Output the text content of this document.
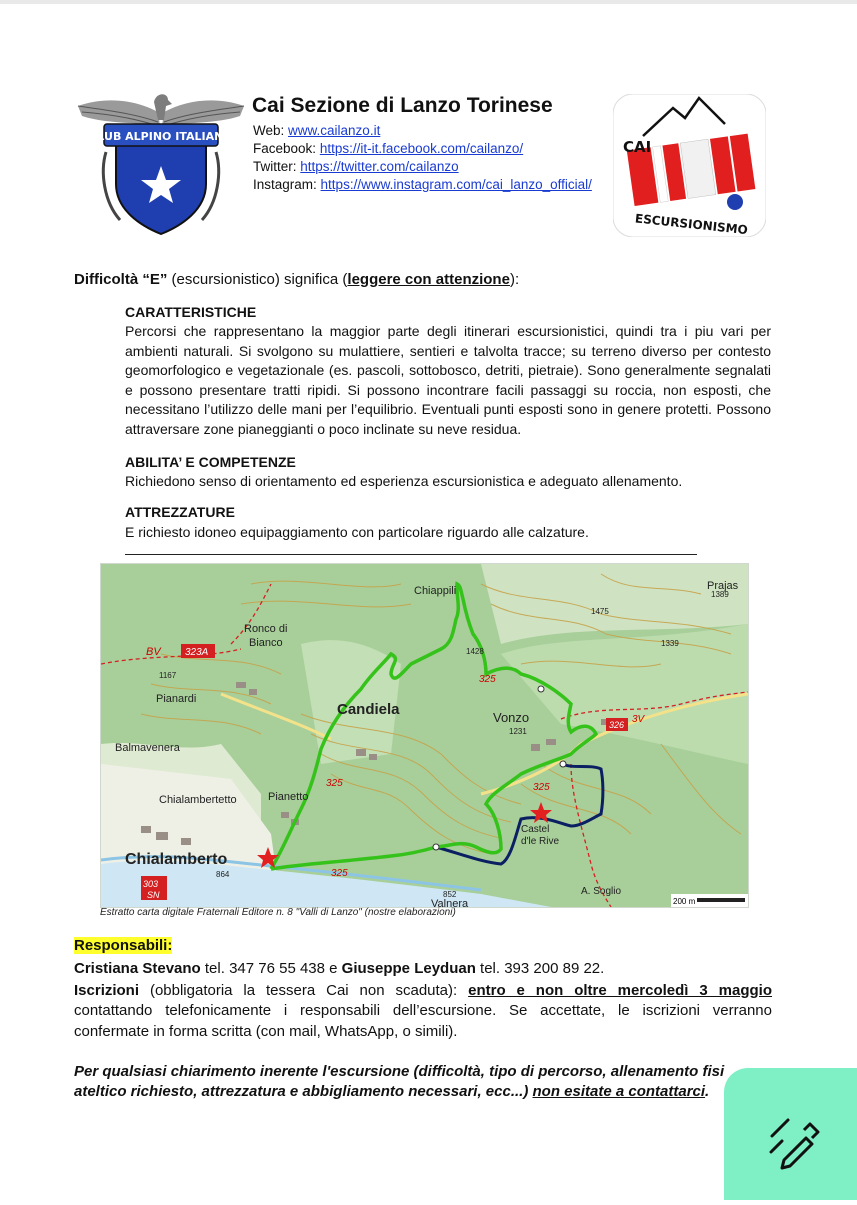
CLUB ALPINO ITALIANO
Cai Sezione di Lanzo Torinese
Web: www.cailanzo.it
Facebook: https://it-it.facebook.com/cailanzo/
Twitter: https://twitter.com/cailanzo
Instagram: https://www.instagram.com/cai_lanzo_official/
CAI
ESCURSIONISMO
Difficoltà “E” (escursionistico) significa (leggere con attenzione):
CARATTERISTICHE
Percorsi che rappresentano la maggior parte degli itinerari escursionistici, quindi tra i piu vari per ambienti naturali. Si svolgono su mulattiere, sentieri e talvolta tracce; su terreno diverso per contesto geomorfologico e vegetazionale (es. pascoli, sottobosco, detriti, pietraie). Sono generalmente segnalati e possono presentare tratti ripidi. Si possono incontrare facili passaggi su roccia, non esposti, che necessitano l’utilizzo delle mani per l’equilibrio. Eventuali punti esposti sono in genere protetti. Possono attraversare zone pianeggianti o poco inclinate su neve residua.
ABILITA’ E COMPETENZE
Richiedono senso di orientamento ed esperienza escursionistica e adeguato allenamento.
ATTREZZATURE
E richiesto idoneo equipaggiamento con particolare riguardo alle calzature.
Chiappili	Prajas
1389
1475
1339
1428
Ronco di
Bianco
BV 323A
1167
Pianardi
Candiela	Vonzo
1231
325
325	325
325
3V
326
Balmavenera
Chialambertetto	Pianetto
Castel
d'le Rive
Chialamberto
864
303
SN	852
Valnera
A. Soglio
200 m
Estratto carta digitale Fraternali Editore n. 8 "Valli di Lanzo" (nostre elaborazioni)
Responsabili:
Cristiana Stevano tel. 347 76 55 438 e Giuseppe Leyduan tel. 393 200 89 22.
Iscrizioni (obbligatoria la tessera Cai non scaduta): entro e non oltre mercoledì 3 maggio
contattando telefonicamente i responsabili dell’escursione. Se accettate, le iscrizioni verranno confermate in forma scritta (con mail, WhatsApp, o simili).
Per qualsiasi chiarimento inerente l'escursione (difficoltà, tipo di percorso, allenamento fisi
ateltico richiesto, attrezzatura e abbigliamento necessari, ecc...) non esitate a contattarci.
